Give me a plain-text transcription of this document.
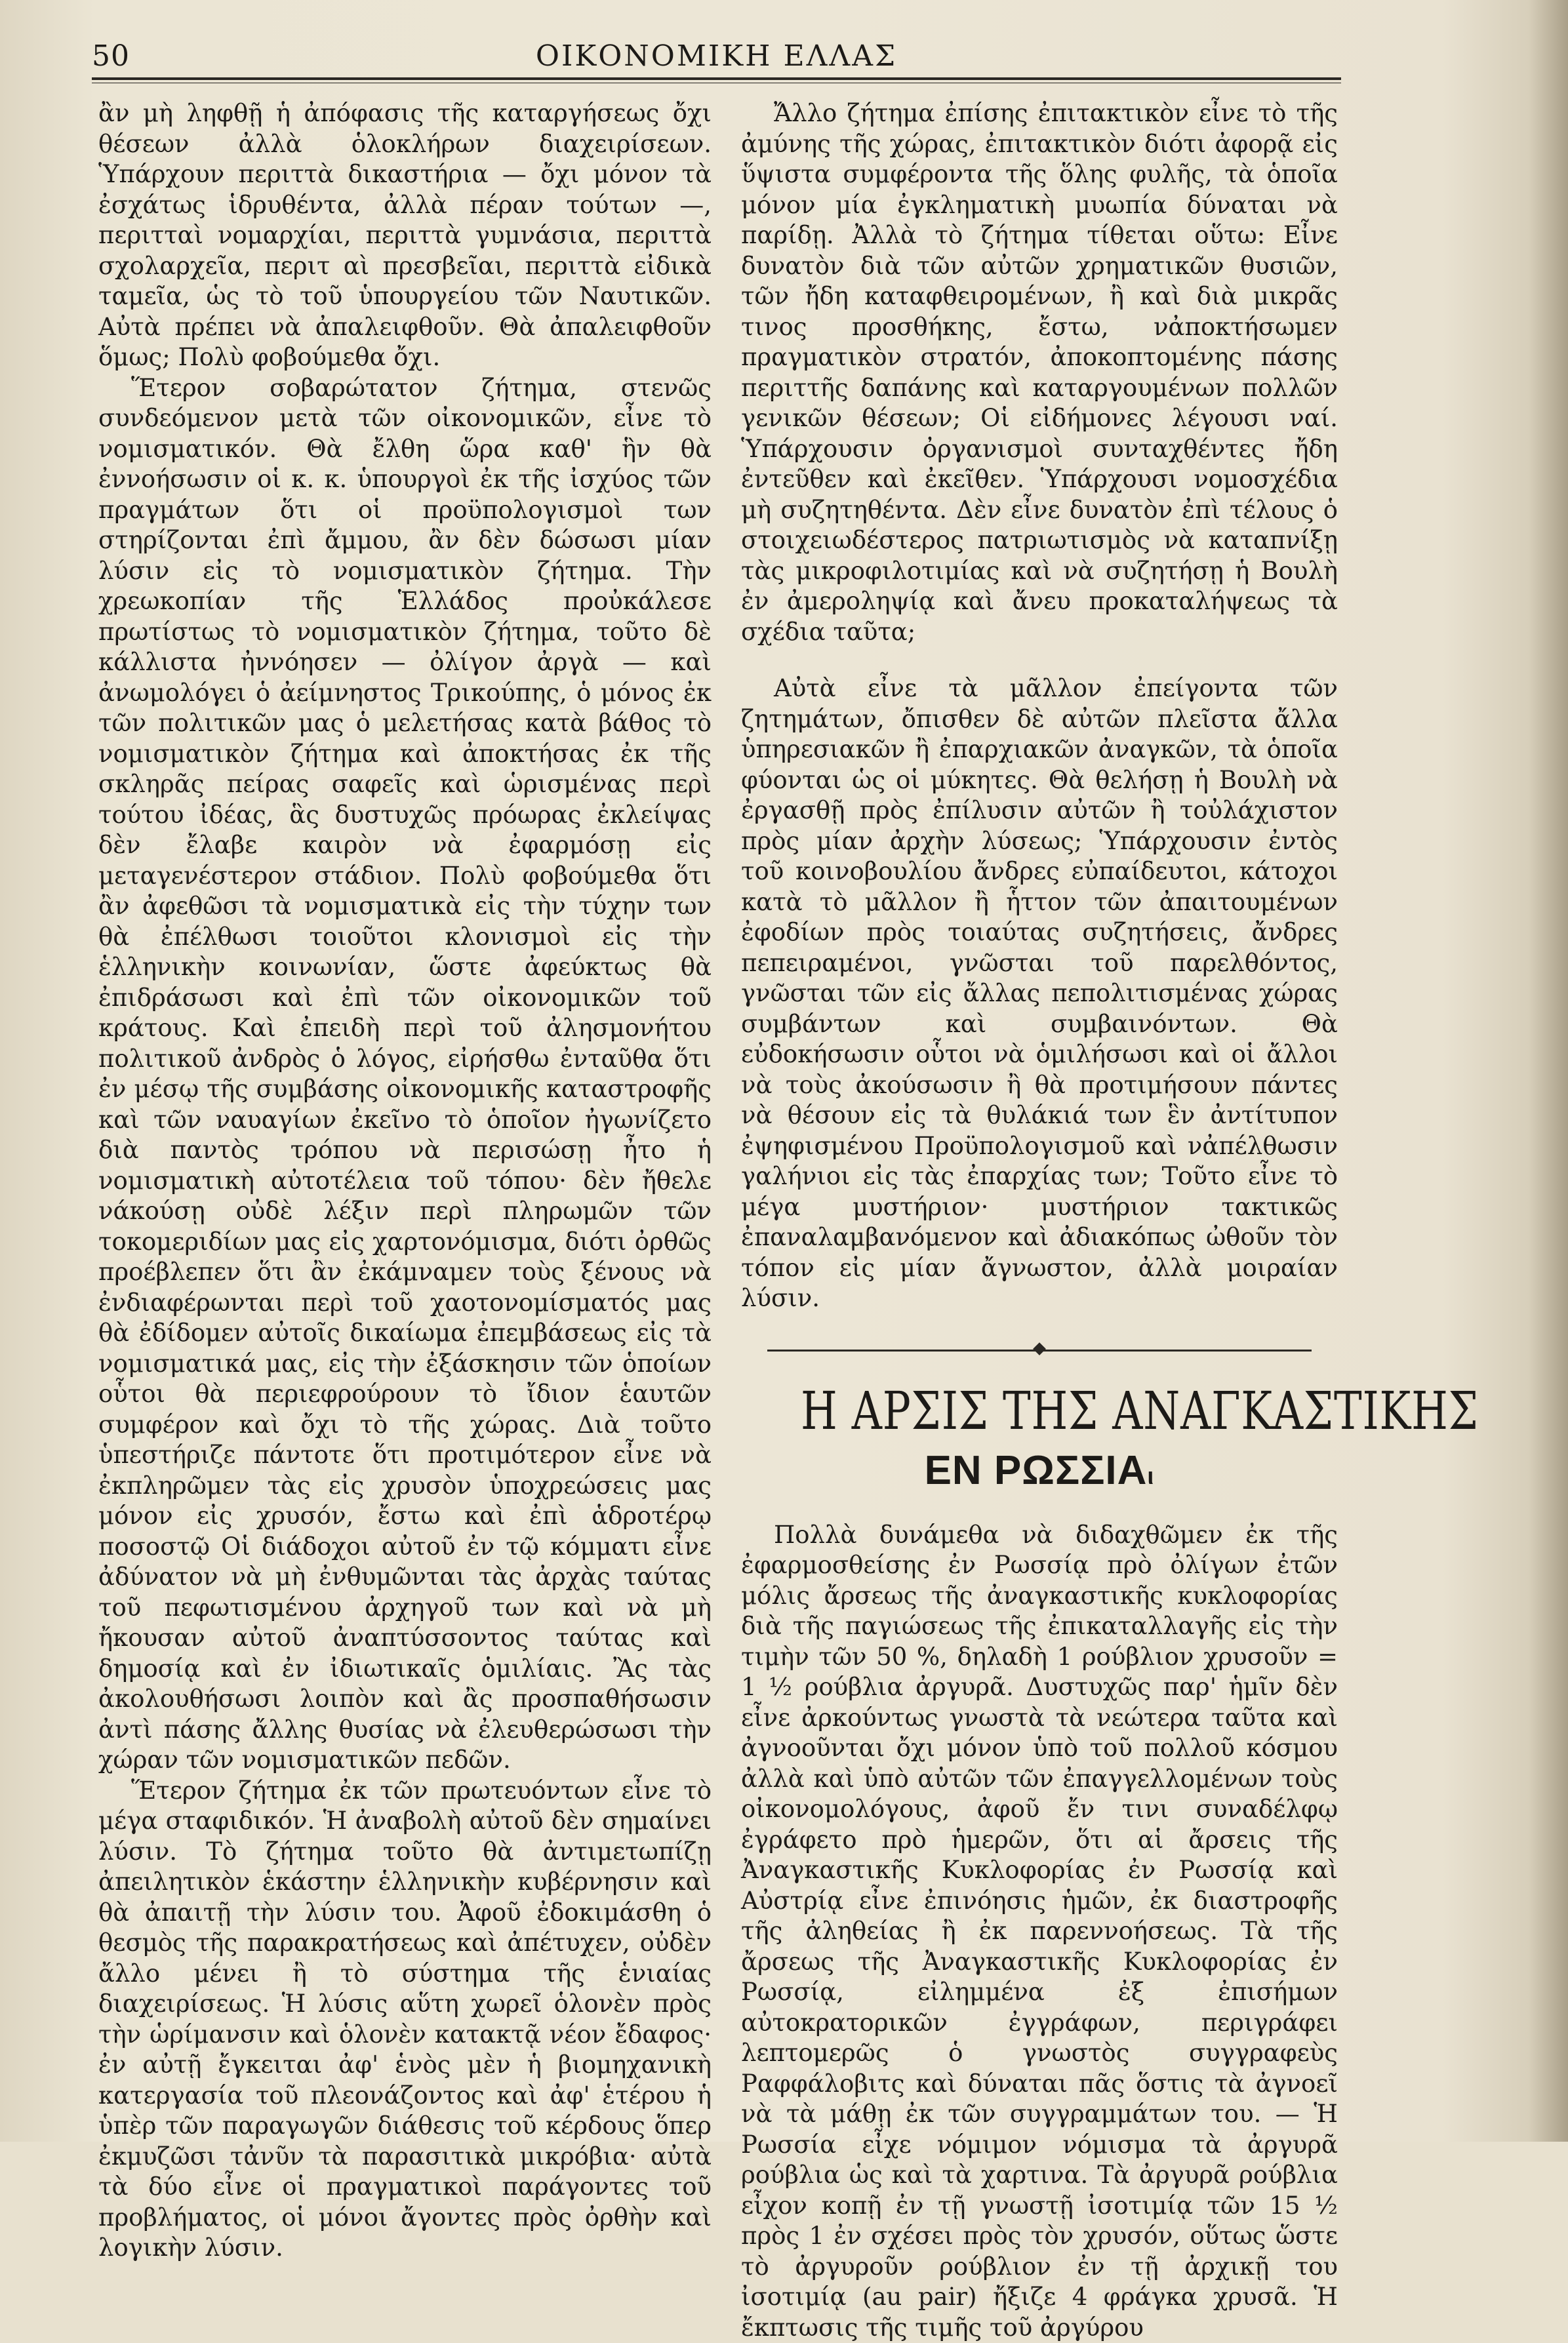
50	ΟΙΚΟΝΟΜΙΚΗ ΕΛΛΑΣ

ἂν μὴ ληφθῇ ἡ ἀπόφασις τῆς καταργήσεως ὄχι θέσεων ἀλλὰ ὁλοκλήρων διαχειρίσεων. Ὑπάρχουν περιττὰ δικαστήρια — ὄχι μόνον τὰ ἐσχάτως ἱδρυθέντα, ἀλλὰ πέραν τούτων —, περιτταὶ νομαρχίαι, περιττὰ γυμνάσια, περιττὰ σχολαρχεῖα, περιτ αὶ πρεσβεῖαι, περιττὰ εἰδικὰ ταμεῖα, ὡς τὸ τοῦ ὑπουργείου τῶν Ναυτικῶν. Αὐτὰ πρέπει νὰ ἀπαλειφθοῦν. Θὰ ἀπαλειφθοῦν ὅμως; Πολὺ φοβούμεθα ὄχι.

Ἕτερον σοβαρώτατον ζήτημα, στενῶς συνδεόμενον μετὰ τῶν οἰκονομικῶν, εἶνε τὸ νομισματικόν. Θὰ ἔλθη ὥρα καθ' ἣν θὰ ἐννοήσωσιν οἱ κ. κ. ὑπουργοὶ ἐκ τῆς ἰσχύος τῶν πραγμάτων ὅτι οἱ προϋπολογισμοὶ των στηρίζονται ἐπὶ ἄμμου, ἂν δὲν δώσωσι μίαν λύσιν εἰς τὸ νομισματικὸν ζήτημα. Τὴν χρεωκοπίαν τῆς Ἑλλάδος προὐκάλεσε πρωτίστως τὸ νομισματικὸν ζήτημα, τοῦτο δὲ κάλλιστα ἠννόησεν — ὀλίγον ἀργὰ — καὶ ἀνωμολόγει ὁ ἀείμνηστος Τρικούπης, ὁ μόνος ἐκ τῶν πολιτικῶν μας ὁ μελετήσας κατὰ βάθος τὸ νομισματικὸν ζήτημα καὶ ἀποκτήσας ἐκ τῆς σκληρᾶς πείρας σαφεῖς καὶ ὡρισμένας περὶ τούτου ἰδέας, ἃς δυστυχῶς πρόωρας ἐκλείψας δὲν ἔλαβε καιρὸν νὰ ἐφαρμόσῃ εἰς μεταγενέστερον στάδιον. Πολὺ φοβούμεθα ὅτι ἂν ἀφεθῶσι τὰ νομισματικὰ εἰς τὴν τύχην των θὰ ἐπέλθωσι τοιοῦτοι κλονισμοὶ εἰς τὴν ἑλληνικὴν κοινωνίαν, ὥστε ἀφεύκτως θὰ ἐπιδράσωσι καὶ ἐπὶ τῶν οἰκονομικῶν τοῦ κράτους. Καὶ ἐπειδὴ περὶ τοῦ ἀλησμονήτου πολιτικοῦ ἀνδρὸς ὁ λόγος, εἰρήσθω ἐνταῦθα ὅτι ἐν μέσῳ τῆς συμβάσης οἰκονομικῆς καταστροφῆς καὶ τῶν ναυαγίων ἐκεῖνο τὸ ὁποῖον ἠγωνίζετο διὰ παντὸς τρόπου νὰ περισώσῃ ἦτο ἡ νομισματικὴ αὐτοτέλεια τοῦ τόπου· δὲν ἤθελε νάκούσῃ οὐδὲ λέξιν περὶ πληρωμῶν τῶν τοκομεριδίων μας εἰς χαρτονόμισμα, διότι ὀρθῶς προέβλεπεν ὅτι ἂν ἐκάμναμεν τοὺς ξένους νὰ ἐνδιαφέρωνται περὶ τοῦ χαοτονομίσματός μας θὰ ἐδίδομεν αὐτοῖς δικαίωμα ἐπεμβάσεως εἰς τὰ νομισματικά μας, εἰς τὴν ἐξάσκησιν τῶν ὁποίων οὗτοι θὰ περιεφρούρουν τὸ ἴδιον ἑαυτῶν συμφέρον καὶ ὄχι τὸ τῆς χώρας. Διὰ τοῦτο ὑπεστήριζε πάντοτε ὅτι προτιμότερον εἶνε νὰ ἐκπληρῶμεν τὰς εἰς χρυσὸν ὑποχρεώσεις μας μόνον εἰς χρυσόν, ἔστω καὶ ἐπὶ ἁδροτέρῳ ποσοστῷ Οἱ διάδοχοι αὐτοῦ ἐν τῷ κόμματι εἶνε ἀδύνατον νὰ μὴ ἐνθυμῶνται τὰς ἀρχὰς ταύτας τοῦ πεφωτισμένου ἀρχηγοῦ των καὶ νὰ μὴ ἤκουσαν αὐτοῦ ἀναπτύσσοντος ταύτας καὶ δημοσίᾳ καὶ ἐν ἰδιωτικαῖς ὁμιλίαις. Ἂς τὰς ἀκολουθήσωσι λοιπὸν καὶ ἂς προσπαθήσωσιν ἀντὶ πάσης ἄλλης θυσίας νὰ ἐλευθερώσωσι τὴν χώραν τῶν νομισματικῶν πεδῶν.

Ἕτερον ζήτημα ἐκ τῶν πρωτευόντων εἶνε τὸ μέγα σταφιδικόν. Ἡ ἀναβολὴ αὐτοῦ δὲν σημαίνει λύσιν. Τὸ ζήτημα τοῦτο θὰ ἀντιμετωπίζῃ ἀπειλητικὸν ἑκάστην ἑλληνικὴν κυβέρνησιν καὶ θὰ ἀπαιτῇ τὴν λύσιν του. Ἀφοῦ ἐδοκιμάσθη ὁ θεσμὸς τῆς παρακρατήσεως καὶ ἀπέτυχεν, οὐδὲν ἄλλο μένει ἢ τὸ σύστημα τῆς ἑνιαίας διαχειρίσεως. Ἡ λύσις αὕτη χωρεῖ ὁλονὲν πρὸς τὴν ὡρίμανσιν καὶ ὁλονὲν κατακτᾷ νέον ἔδαφος· ἐν αὐτῇ ἔγκειται ἀφ' ἑνὸς μὲν ἡ βιομηχανικὴ κατεργασία τοῦ πλεονάζοντος καὶ ἀφ' ἑτέρου ἡ ὑπὲρ τῶν παραγωγῶν διάθεσις τοῦ κέρδους ὅπερ ἐκμυζῶσι τἀνῦν τὰ παρασιτικὰ μικρόβια· αὐτὰ τὰ δύο εἶνε οἱ πραγματικοὶ παράγοντες τοῦ προβλήματος, οἱ μόνοι ἄγοντες πρὸς ὀρθὴν καὶ λογικὴν λύσιν.

Ἄλλο ζήτημα ἐπίσης ἐπιτακτικὸν εἶνε τὸ τῆς ἀμύνης τῆς χώρας, ἐπιτακτικὸν διότι ἀφορᾷ εἰς ὕψιστα συμφέροντα τῆς ὅλης φυλῆς, τὰ ὁποῖα μόνον μία ἐγκληματικὴ μυωπία δύναται νὰ παρίδῃ. Ἀλλὰ τὸ ζήτημα τίθεται οὕτω: Εἶνε δυνατὸν διὰ τῶν αὐτῶν χρηματικῶν θυσιῶν, τῶν ἤδη καταφθειρομένων, ἢ καὶ διὰ μικρᾶς τινος προσθήκης, ἔστω, νἀποκτήσωμεν πραγματικὸν στρατόν, ἀποκοπτομένης πάσης περιττῆς δαπάνης καὶ καταργουμένων πολλῶν γενικῶν θέσεων; Οἱ εἰδήμονες λέγουσι ναί. Ὑπάρχουσιν ὀργανισμοὶ συνταχθέντες ἤδη ἐντεῦθεν καὶ ἐκεῖθεν. Ὑπάρχουσι νομοσχέδια μὴ συζητηθέντα. Δὲν εἶνε δυνατὸν ἐπὶ τέλους ὁ στοιχειωδέστερος πατριωτισμὸς νὰ καταπνίξῃ τὰς μικροφιλοτιμίας καὶ νὰ συζητήσῃ ἡ Βουλὴ ἐν ἀμεροληψίᾳ καὶ ἄνευ προκαταλήψεως τὰ σχέδια ταῦτα;

Αὐτὰ εἶνε τὰ μᾶλλον ἐπείγοντα τῶν ζητημάτων, ὄπισθεν δὲ αὐτῶν πλεῖστα ἄλλα ὑπηρεσιακῶν ἢ ἐπαρχιακῶν ἀναγκῶν, τὰ ὁποῖα φύονται ὡς οἱ μύκητες. Θὰ θελήσῃ ἡ Βουλὴ νὰ ἐργασθῇ πρὸς ἐπίλυσιν αὐτῶν ἢ τοὐλάχιστον πρὸς μίαν ἀρχὴν λύσεως; Ὑπάρχουσιν ἐντὸς τοῦ κοινοβουλίου ἄνδρες εὐπαίδευτοι, κάτοχοι κατὰ τὸ μᾶλλον ἢ ἧττον τῶν ἀπαιτουμένων ἐφοδίων πρὸς τοιαύτας συζητήσεις, ἄνδρες πεπειραμένοι, γνῶσται τοῦ παρελθόντος, γνῶσται τῶν εἰς ἄλλας πεπολιτισμένας χώρας συμβάντων καὶ συμβαινόντων. Θὰ εὐδοκήσωσιν οὗτοι νὰ ὁμιλήσωσι καὶ οἱ ἄλλοι νὰ τοὺς ἀκούσωσιν ἢ θὰ προτιμήσουν πάντες νὰ θέσουν εἰς τὰ θυλάκιά των ἓν ἀντίτυπον ἐψηφισμένου Προϋπολογισμοῦ καὶ νἀπέλθωσιν γαλήνιοι εἰς τὰς ἐπαρχίας των; Τοῦτο εἶνε τὸ μέγα μυστήριον· μυστήριον τακτικῶς ἐπαναλαμβανόμενον καὶ ἀδιακόπως ὠθοῦν τὸν τόπον εἰς μίαν ἄγνωστον, ἀλλὰ μοιραίαν λύσιν.

Η ΑΡΣΙΣ ΤΗΣ ΑΝΑΓΚΑΣΤΙΚΗΣ
ΕΝ ΡΩΣΣΙΑι

Πολλὰ δυνάμεθα νὰ διδαχθῶμεν ἐκ τῆς ἐφαρμοσθείσης ἐν Ρωσσίᾳ πρὸ ὀλίγων ἐτῶν μόλις ἄρσεως τῆς ἀναγκαστικῆς κυκλοφορίας διὰ τῆς παγιώσεως τῆς ἐπικαταλλαγῆς εἰς τὴν τιμὴν τῶν 50 %, δηλαδὴ 1 ρούβλιον χρυσοῦν = 1 ½ ρούβλια ἀργυρᾶ. Δυστυχῶς παρ' ἡμῖν δὲν εἶνε ἀρκούντως γνωστὰ τὰ νεώτερα ταῦτα καὶ ἀγνοοῦνται ὄχι μόνον ὑπὸ τοῦ πολλοῦ κόσμου ἀλλὰ καὶ ὑπὸ αὐτῶν τῶν ἐπαγγελλομένων τοὺς οἰκονομολόγους, ἀφοῦ ἔν τινι συναδέλφῳ ἐγράφετο πρὸ ἡμερῶν, ὅτι αἱ ἄρσεις τῆς Ἀναγκαστικῆς Κυκλοφορίας ἐν Ρωσσίᾳ καὶ Αὐστρίᾳ εἶνε ἐπινόησις ἡμῶν, ἐκ διαστροφῆς τῆς ἀληθείας ἢ ἐκ παρεννοήσεως. Τὰ τῆς ἄρσεως τῆς Ἀναγκαστικῆς Κυκλοφορίας ἐν Ρωσσίᾳ, εἰλημμένα ἐξ ἐπισήμων αὐτοκρατορικῶν ἐγγράφων, περιγράφει λεπτομερῶς ὁ γνωστὸς συγγραφεὺς Ραφφάλοβιτς καὶ δύναται πᾶς ὅστις τὰ ἀγνοεῖ νὰ τὰ μάθῃ ἐκ τῶν συγγραμμάτων του. — Ἡ Ρωσσία εἶχε νόμιμον νόμισμα τὰ ἀργυρᾶ ρούβλια ὡς καὶ τὰ χαρτινα. Τὰ ἀργυρᾶ ρούβλια εἶχον κοπῇ ἐν τῇ γνωστῇ ἰσοτιμίᾳ τῶν 15 ½ πρὸς 1 ἐν σχέσει πρὸς τὸν χρυσόν, οὕτως ὥστε τὸ ἀργυροῦν ρούβλιον ἐν τῇ ἀρχικῇ του ἰσοτιμίᾳ (au pair) ἤξιζε 4 φράγκα χρυσᾶ. Ἡ ἔκπτωσις τῆς τιμῆς τοῦ ἀργύρου
